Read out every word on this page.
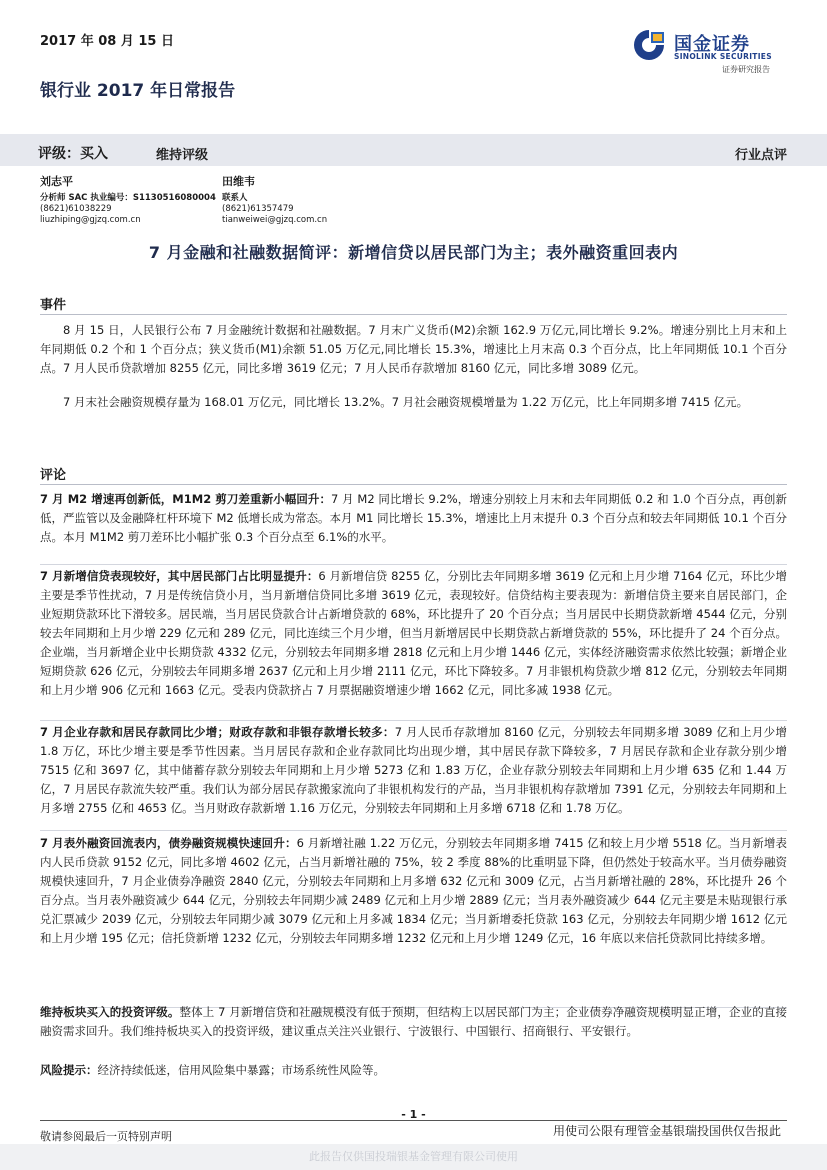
2017 年 08 月 15 日
银行业 2017 年日常报告
国金证券
SINOLINK SECURITIES
证券研究报告
评级：买入	维持评级	行业点评
刘志平
分析师 SAC 执业编号：S1130516080004
(8621)61038229
liuzhiping@gjzq.com.cn
田维韦
联系人
(8621)61357479
tianweiwei@gjzq.com.cn
7 月金融和社融数据简评：新增信贷以居民部门为主；表外融资重回表内
事件

8 月 15 日，人民银行公布 7 月金融统计数据和社融数据。7 月末广义货币(M2)余额 162.9 万亿元,同比增长 9.2%。增速分别比上月末和上年同期低 0.2 个和 1 个百分点；狭义货币(M1)余额 51.05 万亿元,同比增长 15.3%，增速比上月末高 0.3 个百分点，比上年同期低 10.1 个百分点。7 月人民币贷款增加 8255 亿元，同比多增 3619 亿元；7 月人民币存款增加 8160 亿元，同比多增 3089 亿元。

7 月末社会融资规模存量为 168.01 万亿元，同比增长 13.2%。7 月社会融资规模增量为 1.22 万亿元，比上年同期多增 7415 亿元。

评论

7 月 M2 增速再创新低，M1M2 剪刀差重新小幅回升：7 月 M2 同比增长 9.2%，增速分别较上月末和去年同期低 0.2 和 1.0 个百分点，再创新低，严监管以及金融降杠杆环境下 M2 低增长成为常态。本月 M1 同比增长 15.3%，增速比上月末提升 0.3 个百分点和较去年同期低 10.1 个百分点。本月 M1M2 剪刀差环比小幅扩张 0.3 个百分点至 6.1%的水平。

7 月新增信贷表现较好，其中居民部门占比明显提升：6 月新增信贷 8255 亿，分别比去年同期多增 3619 亿元和上月少增 7164 亿元，环比少增主要是季节性扰动，7 月是传统信贷小月，当月新增信贷同比多增 3619 亿元，表现较好。信贷结构主要表现为：新增信贷主要来自居民部门，企业短期贷款环比下滑较多。居民端，当月居民贷款合计占新增贷款的 68%，环比提升了 20 个百分点；当月居民中长期贷款新增 4544 亿元，分别较去年同期和上月少增 229 亿元和 289 亿元，同比连续三个月少增，但当月新增居民中长期贷款占新增贷款的 55%，环比提升了 24 个百分点。企业端，当月新增企业中长期贷款 4332 亿元，分别较去年同期多增 2818 亿元和上月少增 1446 亿元，实体经济融资需求依然比较强；新增企业短期贷款 626 亿元，分别较去年同期多增 2637 亿元和上月少增 2111 亿元，环比下降较多。7 月非银机构贷款少增 812 亿元，分别较去年同期和上月少增 906 亿元和 1663 亿元。受表内贷款挤占 7 月票据融资增速少增 1662 亿元，同比多减 1938 亿元。

7 月企业存款和居民存款同比少增；财政存款和非银存款增长较多：7 月人民币存款增加 8160 亿元，分别较去年同期多增 3089 亿和上月少增 1.8 万亿，环比少增主要是季节性因素。当月居民存款和企业存款同比均出现少增，其中居民存款下降较多，7 月居民存款和企业存款分别少增 7515 亿和 3697 亿，其中储蓄存款分别较去年同期和上月少增 5273 亿和 1.83 万亿，企业存款分别较去年同期和上月少增 635 亿和 1.44 万亿，7 月居民存款流失较严重。我们认为部分居民存款搬家流向了非银机构发行的产品，当月非银机构存款增加 7391 亿元，分别较去年同期和上月多增 2755 亿和 4653 亿。当月财政存款新增 1.16 万亿元，分别较去年同期和上月多增 6718 亿和 1.78 万亿。

7 月表外融资回流表内，债券融资规模快速回升：6 月新增社融 1.22 万亿元，分别较去年同期多增 7415 亿和较上月少增 5518 亿。当月新增表内人民币贷款 9152 亿元，同比多增 4602 亿元，占当月新增社融的 75%，较 2 季度 88%的比重明显下降，但仍然处于较高水平。当月债券融资规模快速回升，7 月企业债券净融资 2840 亿元，分别较去年同期和上月多增 632 亿元和 3009 亿元，占当月新增社融的 28%，环比提升 26 个百分点。当月表外融资减少 644 亿元，分别较去年同期少减 2489 亿元和上月少增 2889 亿元；当月表外融资减少 644 亿元主要是未贴现银行承兑汇票减少 2039 亿元，分别较去年同期少减 3079 亿元和上月多减 1834 亿元；当月新增委托贷款 163 亿元，分别较去年同期少增 1612 亿元和上月少增 195 亿元；信托贷新增 1232 亿元，分别较去年同期多增 1232 亿元和上月少增 1249 亿元，16 年底以来信托贷款同比持续多增。

维持板块买入的投资评级。整体上 7 月新增信贷和社融规模没有低于预期，但结构上以居民部门为主；企业债券净融资规模明显正增，企业的直接融资需求回升。我们维持板块买入的投资评级，建议重点关注兴业银行、宁波银行、中国银行、招商银行、平安银行。

风险提示：经济持续低迷，信用风险集中暴露；市场系统性风险等。

- 1 -
敬请参阅最后一页特别声明	用使司公限有理管金基银瑞投国供仅告报此
此报告仅供国投瑞银基金管理有限公司使用
